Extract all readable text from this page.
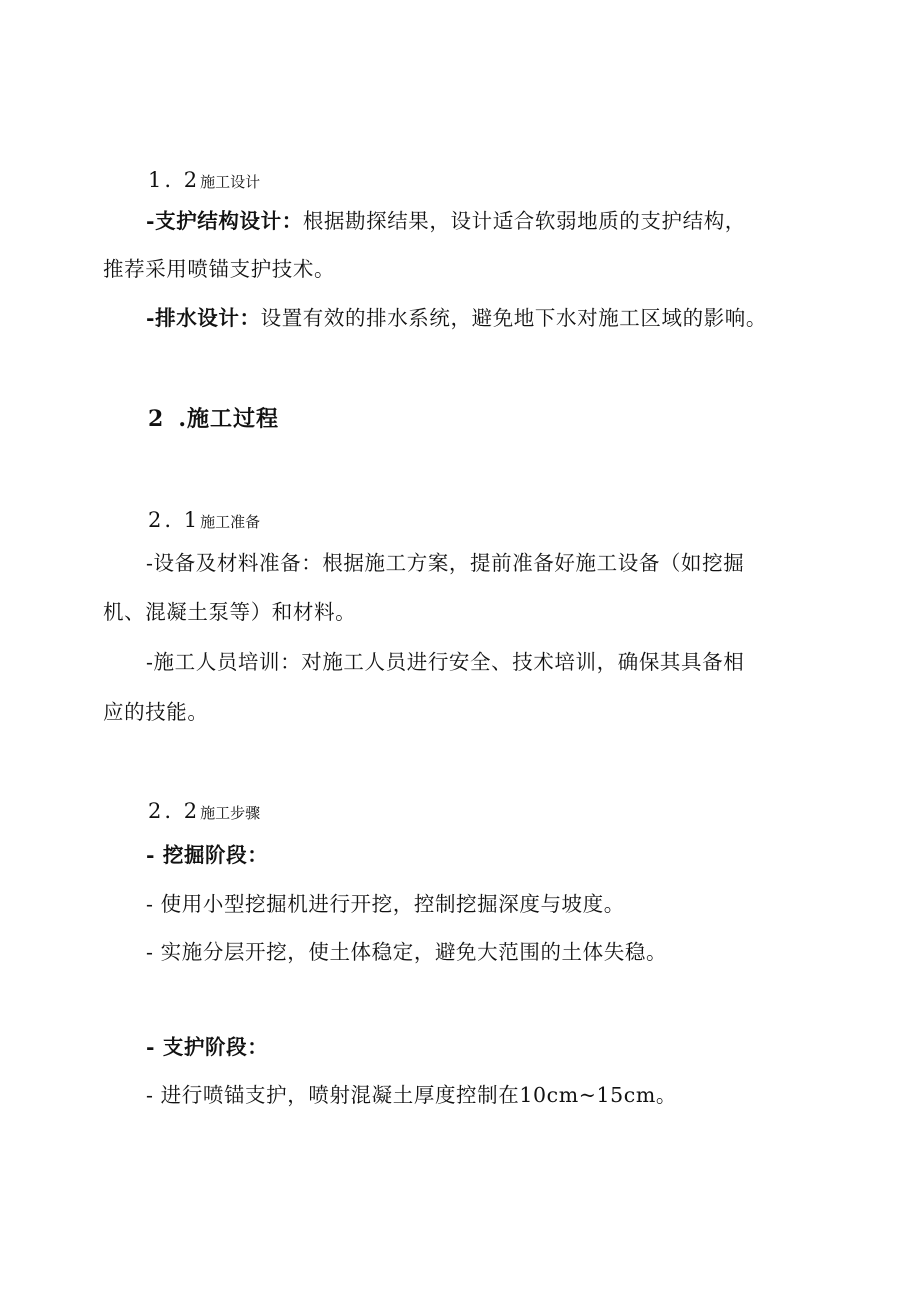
1. 2施工设计
-支护结构设计：根据勘探结果，设计适合软弱地质的支护结构，
推荐采用喷锚支护技术。
-排水设计：设置有效的排水系统，避免地下水对施工区域的影响。
2 .施工过程
2. 1施工准备
-设备及材料准备：根据施工方案，提前准备好施工设备（如挖掘
机、混凝土泵等）和材料。
-施工人员培训：对施工人员进行安全、技术培训，确保其具备相
应的技能。
2. 2施工步骤
- 挖掘阶段：
- 使用小型挖掘机进行开挖，控制挖掘深度与坡度。
- 实施分层开挖，使土体稳定，避免大范围的土体失稳。
- 支护阶段：
- 进行喷锚支护，喷射混凝土厚度控制在10cm~15cm。
